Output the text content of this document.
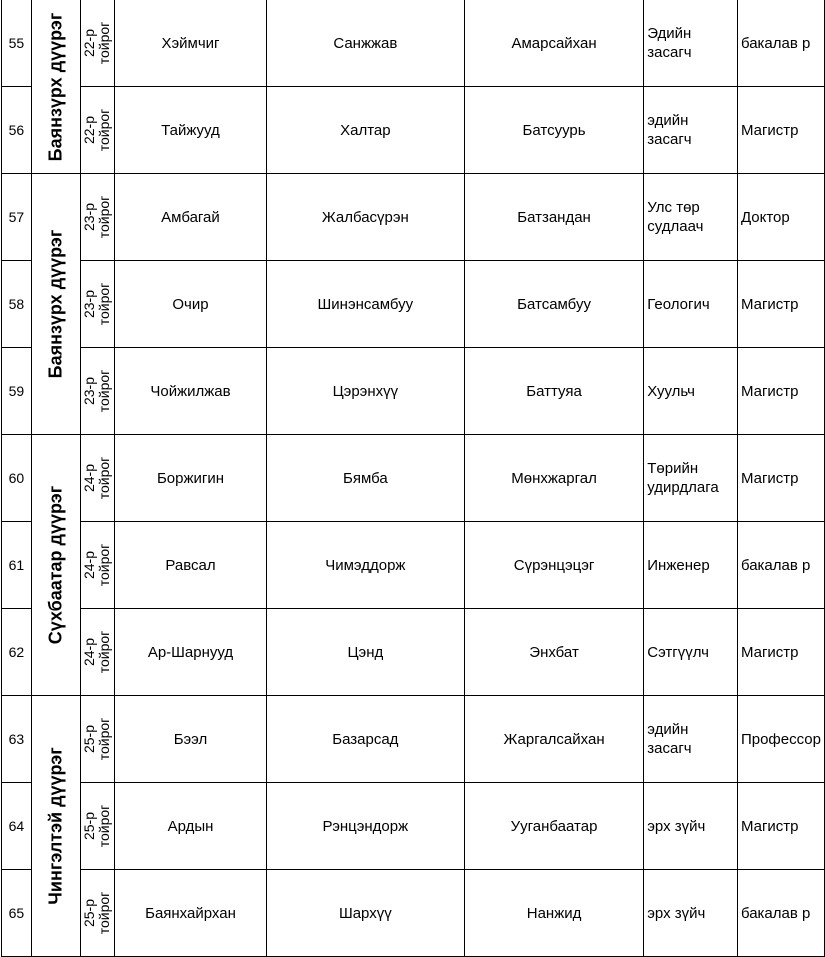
55	Баянзүрх дүүрэг	22-р тойрог	Хэймчиг	Санжжав	Амарсайхан	Эдийн засагч	бакалав р
56		22-р тойрог	Тайжууд	Халтар	Батсуурь	эдийн засагч	Магистр
57	Баянзүрх дүүрэг	23-р тойрог	Амбагай	Жалбасүрэн	Батзандан	Улс төр судлаач	Доктор
58		23-р тойрог	Очир	Шинэнсамбуу	Батсамбуу	Геологич	Магистр
59		23-р тойрог	Чойжилжав	Цэрэнхүү	Баттуяа	Хуульч	Магистр
60	Сүхбаатар дүүрэг	24-р тойрог	Боржигин	Бямба	Мөнхжаргал	Төрийн удирдлага	Магистр
61		24-р тойрог	Равсал	Чимэддорж	Сүрэнцэцэг	Инженер	бакалав р
62		24-р тойрог	Ар-Шарнууд	Цэнд	Энхбат	Сэтгүүлч	Магистр
63	Чингэлтэй дүүрэг	25-р тойрог	Бээл	Базарсад	Жаргалсайхан	эдийн засагч	Профессор
64		25-р тойрог	Ардын	Рэнцэндорж	Ууганбаатар	эрх зүйч	Магистр
65		25-р тойрог	Баянхайрхан	Шархүү	Нанжид	эрх зүйч	бакалав р
